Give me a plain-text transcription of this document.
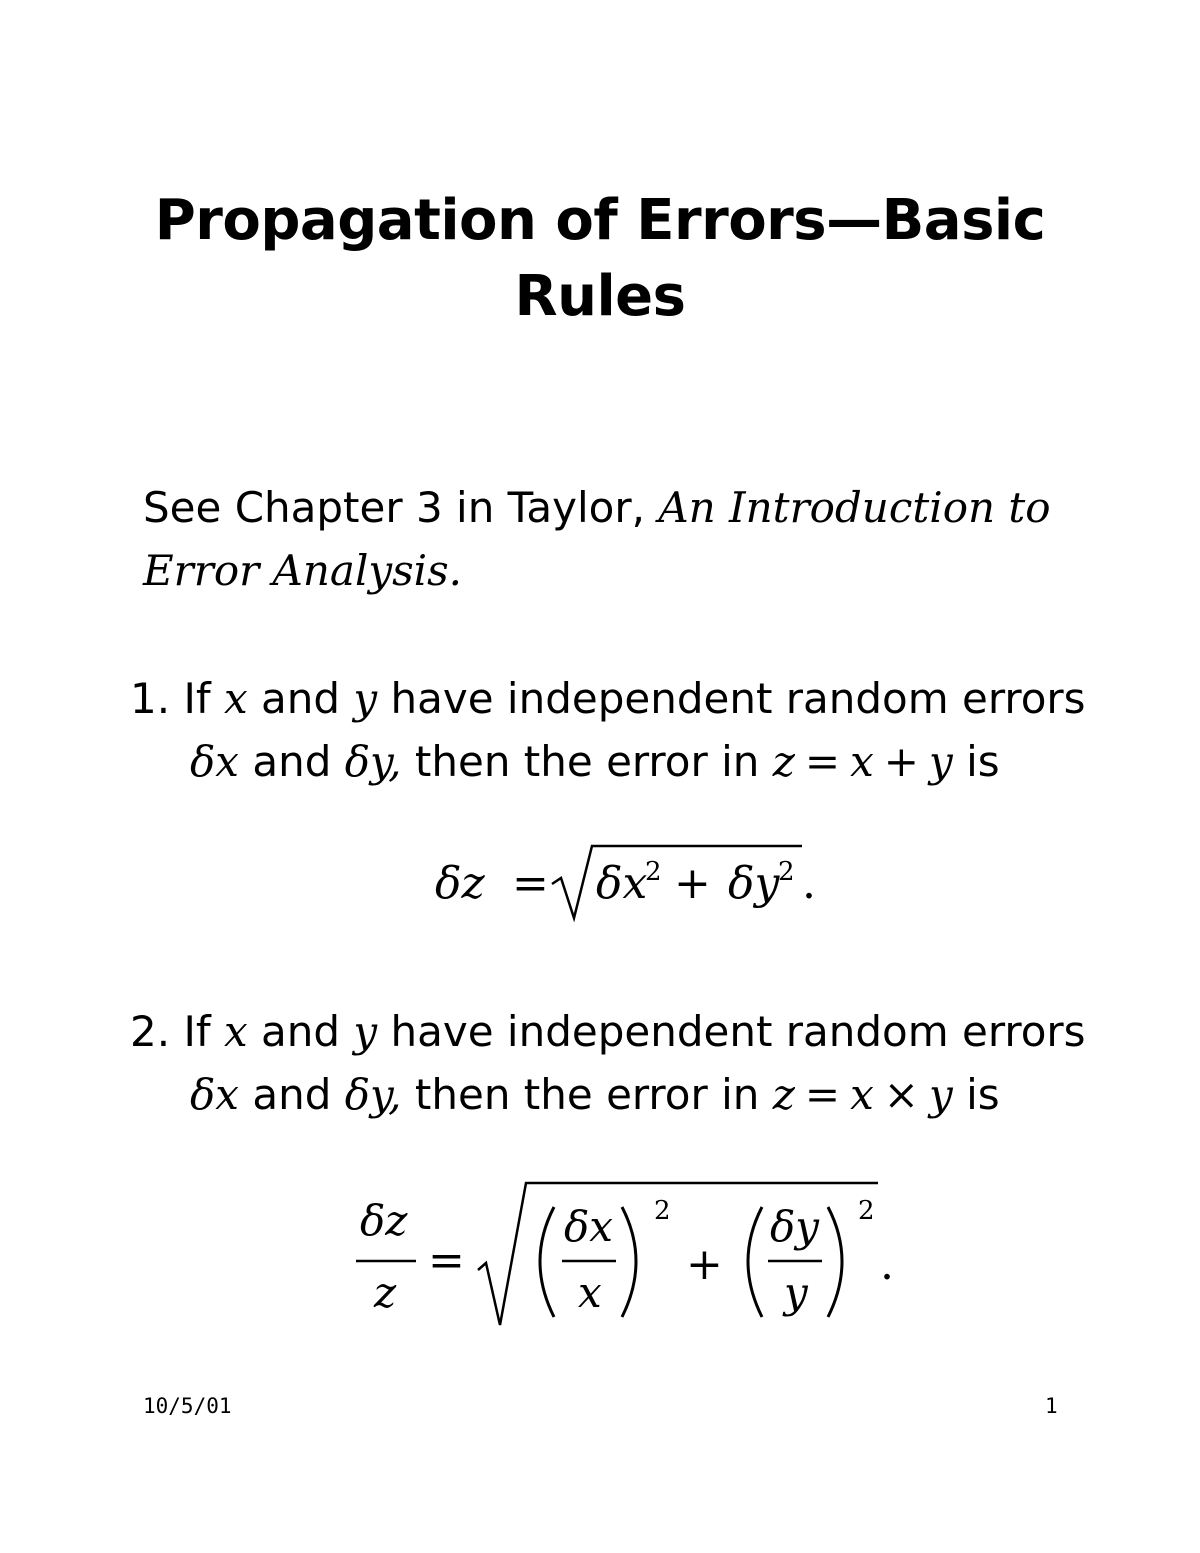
Propagation of Errors—Basic
Rules

See Chapter 3 in Taylor, An Introduction to

Error Analysis.

1. If x and y have independent random errors

δx and δy, then the error in z = x + y is

δz = δx
2 + δy
2 .

2. If x and y have independent random errors

δx and δy, then the error in z = x × y is

δz
z
=
δx
x
2
+
δy
y
2
.
10/5/01	1
